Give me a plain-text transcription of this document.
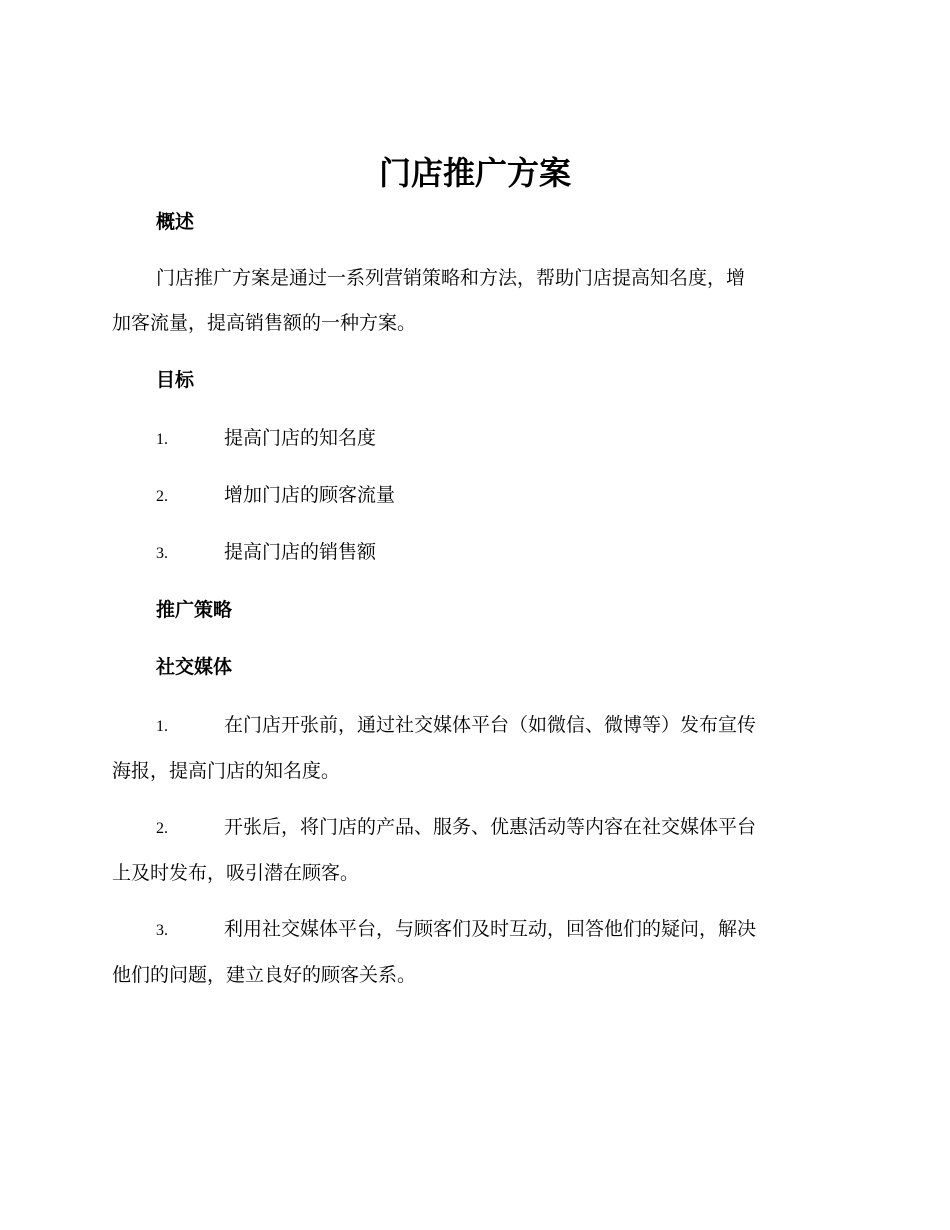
门店推广方案
概述
门店推广方案是通过一系列营销策略和方法，帮助门店提高知名度，增
加客流量，提高销售额的一种方案。
目标
1.	提高门店的知名度
2.	增加门店的顾客流量
3.	提高门店的销售额
推广策略
社交媒体
1.	在门店开张前，通过社交媒体平台（如微信、微博等）发布宣传
海报，提高门店的知名度。
2.	开张后，将门店的产品、服务、优惠活动等内容在社交媒体平台
上及时发布，吸引潜在顾客。
3.	利用社交媒体平台，与顾客们及时互动，回答他们的疑问，解决
他们的问题，建立良好的顾客关系。
